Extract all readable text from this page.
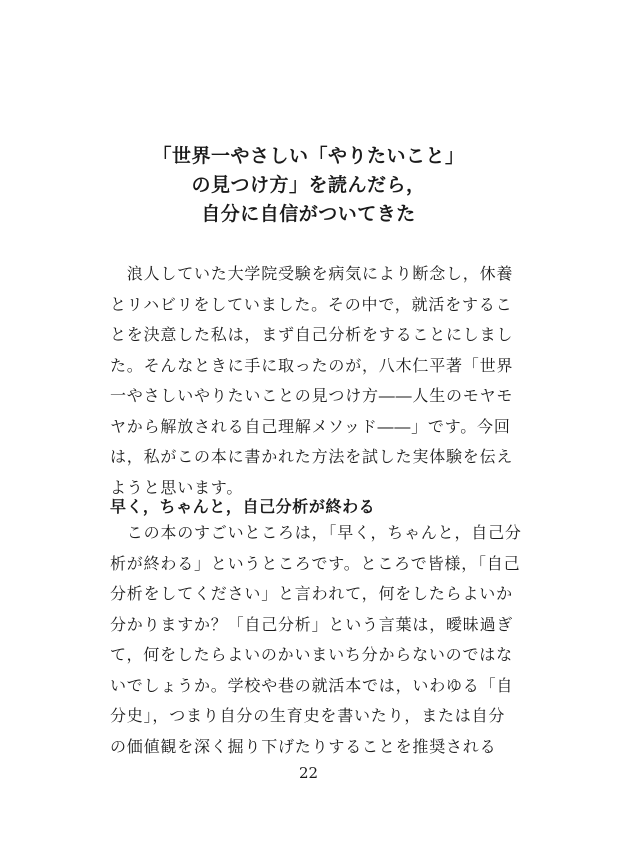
「世界一やさしい「やりたいこと」
の見つけ方」を読んだら，
自分に自信がついてきた

　浪人していた大学院受験を病気により断念し，休養
とリハビリをしていました。その中で，就活をするこ
とを決意した私は，まず自己分析をすることにしまし
た。そんなときに手に取ったのが，八木仁平著「世界
一やさしいやりたいことの見つけ方――人生のモヤモ
ヤから解放される自己理解メソッド――」です。今回
は，私がこの本に書かれた方法を試した実体験を伝え
ようと思います。

早く，ちゃんと，自己分析が終わる

　この本のすごいところは，「早く，ちゃんと，自己分
析が終わる」というところです。ところで皆様，「自己
分析をしてください」と言われて，何をしたらよいか
分かりますか？「自己分析」という言葉は，曖昧過ぎ
て，何をしたらよいのかいまいち分からないのではな
いでしょうか。学校や巷の就活本では，いわゆる「自
分史」，つまり自分の生育史を書いたり，または自分
の価値観を深く掘り下げたりすることを推奨される

22
